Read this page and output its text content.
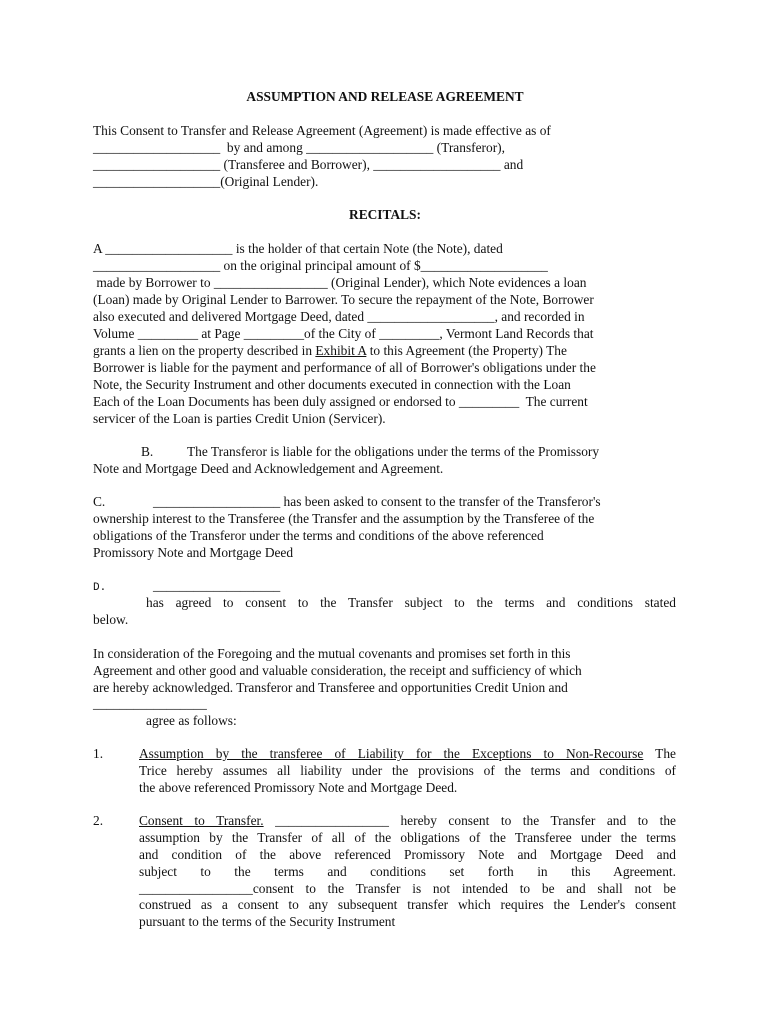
ASSUMPTION AND RELEASE AGREEMENT
This Consent to Transfer and Release Agreement (Agreement) is made effective as of
___________________  by and among ___________________ (Transferor),
___________________ (Transferee and Borrower), ___________________ and
___________________(Original Lender).
RECITALS:
A ___________________ is the holder of that certain Note (the Note), dated
___________________ on the original principal amount of $___________________
made by Borrower to _________________ (Original Lender), which Note evidences a loan
(Loan) made by Original Lender to Barrower. To secure the repayment of the Note, Borrower
also executed and delivered Mortgage Deed, dated ___________________, and recorded in
Volume _________ at Page _________of the City of _________, Vermont Land Records that
grants a lien on the property described in Exhibit A to this Agreement (the Property) The
Borrower is liable for the payment and performance of all of Borrower's obligations under the
Note, the Security Instrument and other documents executed in connection with the Loan
Each of the Loan Documents has been duly assigned or endorsed to _________  The current
servicer of the Loan is parties Credit Union (Servicer).
B.	The Transferor is liable for the obligations under the terms of the Promissory
Note and Mortgage Deed and Acknowledgement and Agreement.
C.	___________________ has been asked to consent to the transfer of the Transferor's
ownership interest to the Transferee (the Transfer and the assumption by the Transferee of the
obligations of the Transferor under the terms and conditions of the above referenced
Promissory Note and Mortgage Deed
D.	___________________
has agreed to consent to the Transfer subject to the terms and conditions stated
below.
In consideration of the Foregoing and the mutual covenants and promises set forth in this
Agreement and other good and valuable consideration, the receipt and sufficiency of which
are hereby acknowledged. Transferor and Transferee and opportunities Credit Union and
_________________
agree as follows:
1.	Assumption by the transferee of Liability for the Exceptions to Non-Recourse The
Trice hereby assumes all liability under the provisions of the terms and conditions of
the above referenced Promissory Note and Mortgage Deed.
2.	Consent to Transfer. _________________ hereby consent to the Transfer and to the
assumption by the Transfer of all of the obligations of the Transferee under the terms
and condition of the above referenced Promissory Note and Mortgage Deed and
subject to the terms and conditions set forth in this Agreement.
_________________consent to the Transfer is not intended to be and shall not be
construed as a consent to any subsequent transfer which requires the Lender's consent
pursuant to the terms of the Security Instrument
